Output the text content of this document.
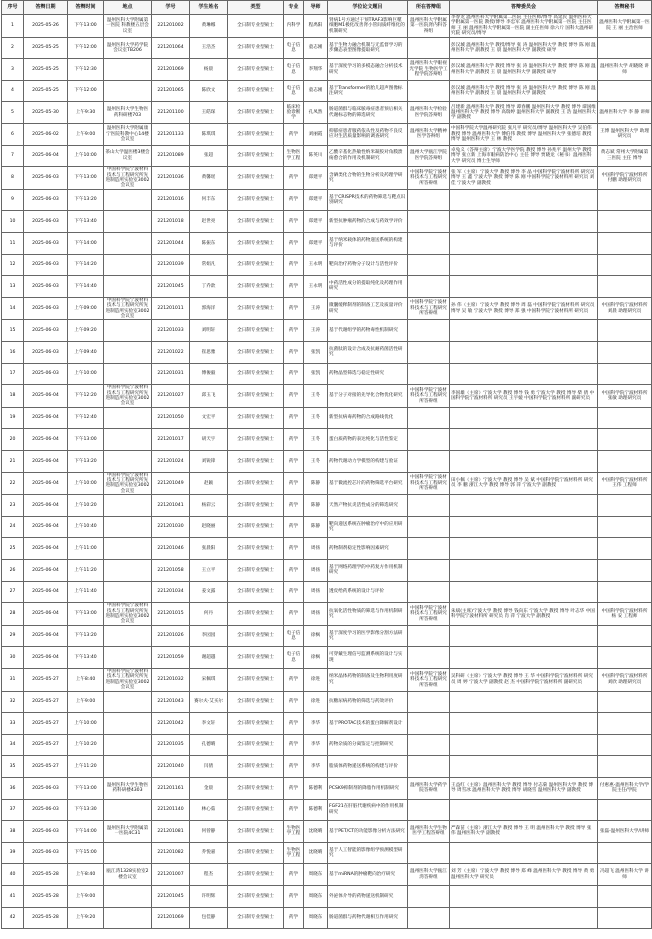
序号	答辩日期	答辩时间	地点	学号	学生姓名	类型	专业	导师	学位论文题目	所在答辩组	答辩委员会	答辩秘书
1	2025-05-26	下午13:00	温州医科大学附属第一医院 科教楼五层会议室	221201002	黄琳娜	全日制专业型硕士	内科学	程禹阳	肾病1号方通过干预TRAF3影响巨噬细胞M1极化改善肾小管间质纤维化的机制研究	温州医科大学附属第一医院肾内科答辩组	李春龙 温州医科大学附属第二医院 主任医师/博导 高延民 温州医科大学附属第一医院 教授/博导 李忠军 温州医科大学附属第一医院 主任医师 王 丽 温州医科大学附属第一医院 副主任医师 徐六斤 国科大温州研究院 研究员/博导	温州医科大学附属第一医院 王 丽 主治医师
2	2025-05-25	下午12:00	温州医科大学药学院会议室TB206	221201064	王浩杰	全日制专业型硕士	电子信息	童志刚	基于生物力融合机制与无监督学习的步骤态表型图像提取研究		彭汉城 温州医科大学 教授/博导 张 涛 温州医科大学 教授 博导 陈 刚 温州医科大学 副教授 王 晨 温州医科大学 副教授 硕导	
3	2025-05-25	下午12:30		221201069	杨晨	全日制专业型硕士	电子信息	李翔华	基于深度学习的多模态融合分析技术研究	温州医科大学眼视光学院 生物医学工程学院答辩组	彭汉城 温州医科大学 教授 博导 张 涛 温州医科大学 教授 博导 陈 刚 温州医科大学 副教授 王 晨 温州医科大学 副教授 硕导	温州医科大学 胡晓晓 讲师
4	2025-05-25	下午12:00		221201065	陈欣文	全日制专业型硕士	电子信息	童志刚	基于Transformer的胎儿超声图像标注研究		彭汉城 温州医科大学 教授 博导 张 涛 温州医科大学 教授 博导 陈 刚 温州医科大学 副教授 王 晨 温州医科大学 副教授	
5	2025-05-30	上午9:30	温州医科大学生物医药科研楼703	221201100	王皓琛	全日制专业型硕士	临床检验诊断学	孔凤然	肠道菌群与临床脓毒症患者预后相关代谢标志物的筛选研究	温州医科大学检验医学院答辩组	吕建新 温州医科大学 教授 博导 谭春鹏 温州医科大学 教授 博导 谭国维 温州医科大学 教授 博导 高瑞婷 温州医科大学 副教授 王 浩 温州医科大学 副教授	温州医科大学 李 静 讲师
6	2025-06-02	上午9:00	温州医科大学附属康宁医院科教中心14楼会议室	221201133	陈琪琪	全日制专业型硕士	药学	刘丽霞	抑郁症患者服药依从性及药物不良反应对生活质量影响的调查研究	温州医科大学精神医学答辩组	中国科学院大学温州研究院 张凡平 研究员/博导 温州医科大学 吴伯伟 教授 博导 温州医科大学 傅伯伟 教授 博导 温州医科大学 张德培 教授 博导 温州医科大学 王 林 教授	王博 温州医科大学 助理研究员
7	2025-06-04	上午10:00	茶山大学温医楼3楼会议室	221201089	张超	全日制专业型硕士	生物医学工程	陈英川	乙酸辛基化热敏性纳米凝胶对角膜溃疡愈合的作用及机制研究	温州大学瓯江学院医学院答辩组	卓兔义（答辩主席）宁波大学医学院 教授 博导 孙兆平 温州大学 教授 博导 张立新 上海市眼病防治中心 主任 博导 贾晓龙（秘书）温州医科大学 研究员 博士生导师	黄志斌 常州大学附属第三医院 主任 博导
8	2025-06-03	下午13:00	中国科学院宁波材料技术与工程研究所先进制造所实验室3002会议室	221201036	黄馨瑶	全日制专业型硕士	药学	郑建平	含硒类化合物的生物分析及药理学研究	中国科学院宁波材料技术与工程研究所答辩组	张 军（主席）宁波大学 教授 博导 李 晶 中国科学院宁波材料所 研究员 博导 王 鑫 宁波大学 教授 博导 陈 刚 中国科学院宁波材料所 研究员 刘 佳 宁波大学 副教授	中国科学院宁波材料所 付鹏 助理研究员
9	2025-06-03	下午13:20		221201016	何丰东	全日制专业型硕士	药学	郑建平	基于CRISPR技术的药物筛选与靶点识别研究			
10	2025-06-03	下午13:40		221201018	赵世亮	全日制专业型硕士	药学	郑建平	新型抗肿瘤药物的合成与药效学评价			
11	2025-06-03	下午14:00		221201044	陈振东	全日制专业型硕士	药学	郑建平	基于纳米载体的药物递送系统的构建与评价			
12	2025-06-03	下午14:20		221201039	常娟凡	全日制专业型硕士	药学	王永明	靶向治疗药物分子设计与活性评价			
13	2025-06-03	下午14:40		221201045	丁乔歆	全日制专业型硕士	药学	王永明	中药活性成分的提取纯化及药理作用研究			
14	2025-06-03	上午09:00	中国科学院宁波材料技术与工程研究所先进制造所实验室3002会议室	221201011	郭海洋	全日制专业型硕士	药学	王涛	微囊缓释制剂的制备工艺及质量评价研究	中国科学院宁波材料技术与工程研究所答辩组	孙 伟（主席）宁波大学 教授 博导 周 磊 中国科学院宁波材料所 研究员 博导 吴 敏 宁波大学 教授 博导 郑 强 中国科学院宁波材料所 研究员	中国科学院宁波材料所 刘晨 助理研究员
15	2025-06-03	上午09:20		221201033	刘明轩	全日制专业型硕士	药学	王涛	基于代谢组学的药物毒性机制研究			
16	2025-06-03	上午09:40		221201022	崔思雅	全日制专业型硕士	药学	张凯	抗菌肽的设计合成及抗耐药菌活性研究			
17	2025-06-03	上午10:00		221201031	傅俊毅	全日制专业型硕士	药学	张凯	药物晶型筛选与稳定性研究			
18	2025-06-04	下午12:20	中国科学院宁波材料技术与工程研究所先进制造所实验室3002会议室	221201027	邱玉飞	全日制专业型硕士	药学	王冬	基于分子对接的先导化合物优化研究	中国科学院宁波材料技术与工程研究所答辩组	李国雄（主席）宁波大学 教授 博导 钱 勇 宁波大学 教授 博导 柴 倩 中国科学院宁波材料所 研究员 王宇媛 中国科学院宁波材料所 副研究员	中国科学院宁波材料所 张敏 助理研究员
19	2025-06-04	下午12:40		221201050	文宏平	全日制专业型硕士	药学	王冬	新型抗病毒药物的合成路线优化			
20	2025-06-04	下午13:00		221201017	胡天宇	全日制专业型硕士	药学	王冬	蛋白质药物的表达纯化与活性鉴定			
21	2025-06-04	下午13:20		221201024	刘锐锋	全日制专业型硕士	药学	王冬	药物代谢动力学模型的构建与验证			
22	2025-06-04	上午10:00	中国科学院宁波材料技术与工程研究所先进制造所实验室3002会议室	221201049	赵颖	全日制专业型硕士	药学	陈静	基于微流控芯片的药物筛选平台研究	中国科学院宁波材料技术与工程研究所答辩组	田小佩（主席）宁波大学 教授 博导 吴 斌 中国科学院宁波材料所 研究员 李 鹏 浙江大学 教授 博导 郭 萍 宁波大学 副教授	中国科学院宁波材料所 王伟 工程师
23	2025-06-04	上午10:20		221201041	杨彩云	全日制专业型硕士	药学	陈静	天然产物抗炎活性成分的筛选研究			
24	2025-06-04	上午10:40		221201030	赵晓丽	全日制专业型硕士	药学	陈静	靶向递送系统在肿瘤治疗中的应用研究			
25	2025-06-04	上午11:00		221201046	张晨阳	全日制专业型硕士	药学	周扬	药物制剂稳定性影响因素研究			
26	2025-06-04	上午11:20		221201058	王立平	全日制专业型硕士	药学	周扬	基于网络药理学的中药复方作用机制研究			
27	2025-06-04	上午11:40		221201034	姜文露	全日制专业型硕士	药学	周扬	透皮给药系统的设计与评价			
28	2025-06-04	下午13:00	中国科学院宁波材料技术与工程研究所先进制造所实验室3002会议室	221201015	何丹	全日制专业型硕士	药学	周扬	抗氧化活性物质的筛选与作用机制研究	中国科学院宁波材料技术与工程研究所答辩组	朱斌(主席)宁波大学 教授 博导 钱向东 宁波大学 教授 博导 叶志华 中国科学院宁波材料所 研究员 肖 萍 宁波大学 副教授	中国科学院宁波材料所 杨 安 工程师
29	2025-06-04	下午13:20		221201026	李园园	全日制专业型硕士	电子信息	徐枫	基于深度学习的医学影像分割方法研究			
30	2025-06-04	下午13:40		221201059	谢超越	全日制专业型硕士	电子信息	徐枫	可穿戴生理信号监测系统的设计与实现			
31	2025-05-27	上午8:40	中国科学院宁波材料技术与工程研究所先进制造所实验室3002会议室	221201032	宋佩琪	全日制专业型硕士	药学	徐进	纳米晶体药物的制备及生物利用度研究	中国科学院宁波材料技术与工程研究所答辩组	吴科研（主席）宁波大学 教授 博导 王 华 中国科学院宁波材料所 研究员 周 婷 宁波大学 副教授 赵 杰 中国科学院宁波材料所 副研究员	中国科学院宁波材料所 刘欣 助理研究员
32	2025-05-27	上午9:00		221201043	赛尔夫·艾买尔	全日制专业型硕士	药学	徐进	抗糖尿病药物的筛选与药效评价			
33	2025-05-27	上午10:00		221201042	李文轩	全日制专业型硕士	药学	李华	基于PROTAC技术的蛋白降解剂设计			
34	2025-05-27	上午10:20		221201035	孔德晴	全日制专业型硕士	药学	李华	药物杂质的分离鉴定与控制研究			
35	2025-05-27	上午11:20		221201040	闫倩	全日制专业型硕士	药学	李华	脂质体药物递送系统的构建与评价			
36	2025-06-03	下午13:00	温州医科大学生物医药科研楼4303	221201161	金晨	全日制专业型硕士	药学	陈德利	PCSK9抑制剂的降脂作用机制研究	温州医科大学药学院答辩组	王益红（主席）温州医科大学 教授 博导 付志菊 温州医科大学 教授 博导 周雪冰 温州医科大学 教授 博导 胡晓雪 温州医科大学 副教授	付惠惠-温州医科大学/学院主任/学院
37	2025-06-03	下午13:30		221201140	林心茹	全日制专业型硕士	药学	陈德利	FGF21在肝脏代谢疾病中的作用机制研究			
38	2025-06-03	下午14:00	温州医科大学附属第一医院4C31	221201081	何曾静	全日制专业型硕士	生物医学工程	沈晓晴	基于PET/CT的功能影像分析方法研究	温州医科大学生物医学工程答辩组	严森苗（主席）浙江大学 教授 博导 王 明 温州医科大学 教授 博导 张 伟 温州医科大学 副教授	张磊-温州医科大学/讲师
39	2025-06-03	下午15:00		221201082	乔悦嘉	全日制专业型硕士	生物医学工程	沈晓晴	基于人工智能的影像组学预测模型研究			
40	2025-05-28	上午8:40	瓯江湾1328实验室2楼会议室	221201007	程杰	全日制专业型硕士	药学	周晓东	基于miRNA的肿瘤靶向治疗研究	温州医科大学瓯江湾答辩组	刘 芳（主席）宁波大学 教授 博导 郑 峰 温州医科大学 教授 博导 黄 勇 温州医科大学 研究员	冯超飞 温州医科大学 讲师
41	2025-05-28	上午9:00		221201045	许明辉	全日制专业型硕士	药学	周晓东	外泌体介导的药物递送机制研究			
42	2025-05-28	上午9:20		221201069	包佳静	全日制专业型硕士	药学	周晓东	肠道菌群与药物代谢相互作用研究			
